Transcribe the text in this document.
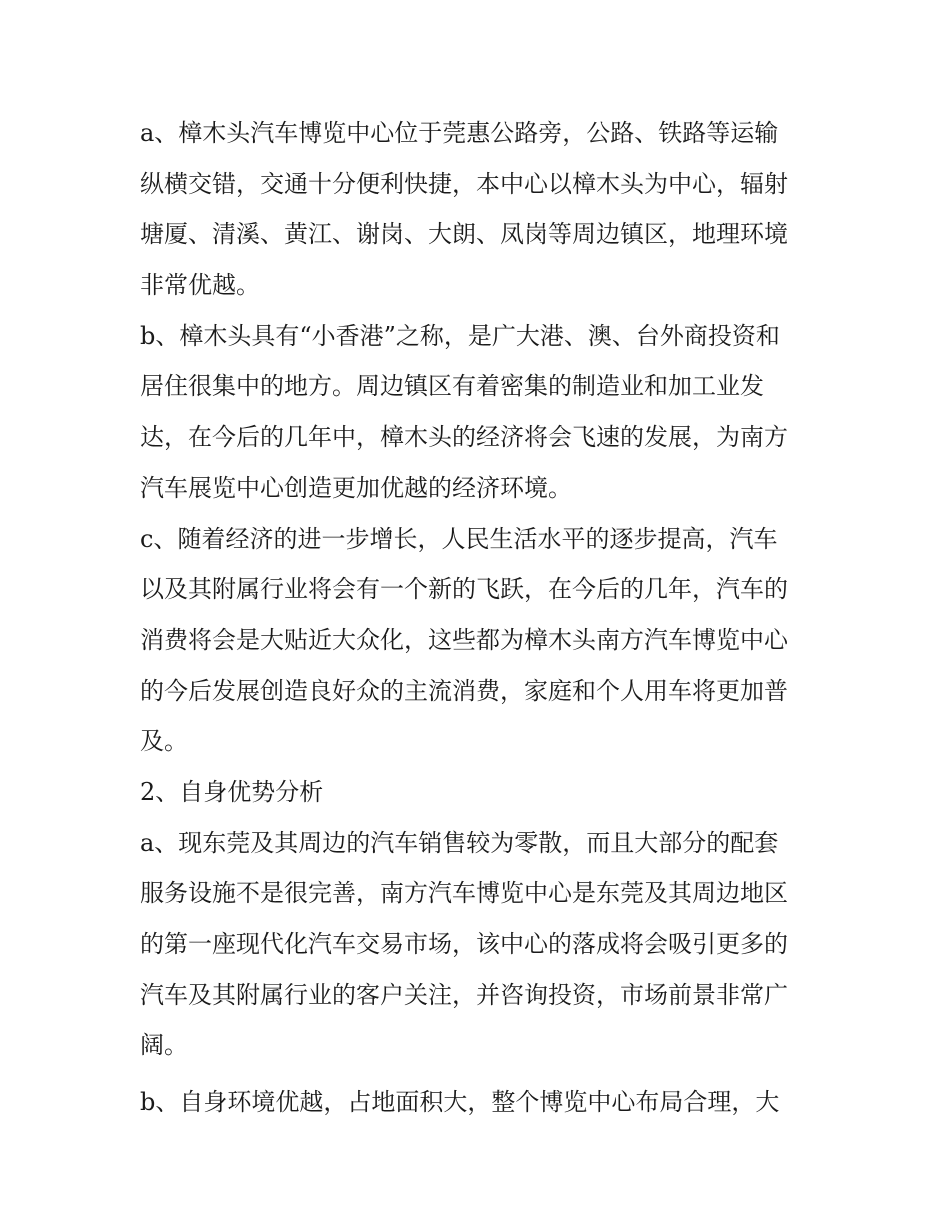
a、樟木头汽车博览中心位于莞惠公路旁，公路、铁路等运输
纵横交错，交通十分便利快捷，本中心以樟木头为中心，辐射
塘厦、清溪、黄江、谢岗、大朗、凤岗等周边镇区，地理环境
非常优越。
b、樟木头具有“小香港”之称，是广大港、澳、台外商投资和
居住很集中的地方。周边镇区有着密集的制造业和加工业发
达，在今后的几年中，樟木头的经济将会飞速的发展，为南方
汽车展览中心创造更加优越的经济环境。
c、随着经济的进一步增长，人民生活水平的逐步提高，汽车
以及其附属行业将会有一个新的飞跃，在今后的几年，汽车的
消费将会是大贴近大众化，这些都为樟木头南方汽车博览中心
的今后发展创造良好众的主流消费，家庭和个人用车将更加普
及。
2、自身优势分析
a、现东莞及其周边的汽车销售较为零散，而且大部分的配套
服务设施不是很完善，南方汽车博览中心是东莞及其周边地区
的第一座现代化汽车交易市场，该中心的落成将会吸引更多的
汽车及其附属行业的客户关注，并咨询投资，市场前景非常广
阔。
b、自身环境优越，占地面积大，整个博览中心布局合理，大
